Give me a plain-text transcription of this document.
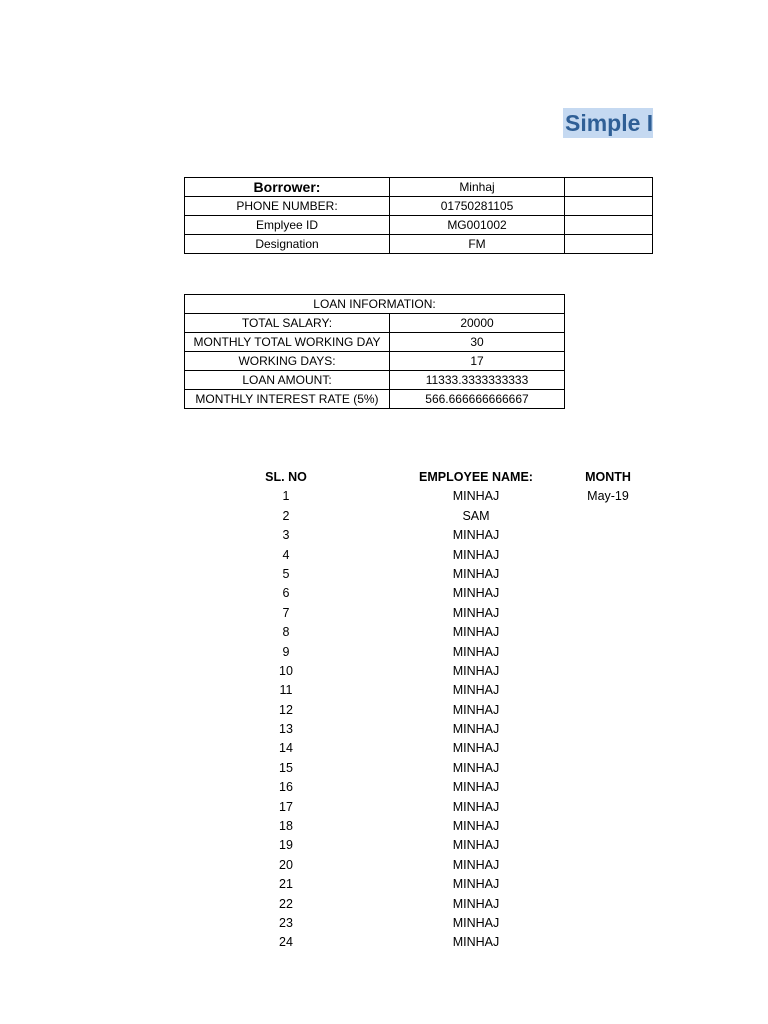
Simple I
Borrower:	Minhaj	
PHONE NUMBER:	01750281105	
Emplyee ID	MG001002	
Designation	FM	
LOAN INFORMATION:	
TOTAL SALARY:	20000
MONTHLY TOTAL WORKING DAY	30
WORKING DAYS:	17
LOAN AMOUNT:	11333.3333333333
MONTHLY INTEREST RATE (5%)	566.666666666667
SL. NO	EMPLOYEE NAME:	MONTH
1	MINHAJ	May-19
2	SAM
3	MINHAJ
4	MINHAJ
5	MINHAJ
6	MINHAJ
7	MINHAJ
8	MINHAJ
9	MINHAJ
10	MINHAJ
11	MINHAJ
12	MINHAJ
13	MINHAJ
14	MINHAJ
15	MINHAJ
16	MINHAJ
17	MINHAJ
18	MINHAJ
19	MINHAJ
20	MINHAJ
21	MINHAJ
22	MINHAJ
23	MINHAJ
24	MINHAJ
